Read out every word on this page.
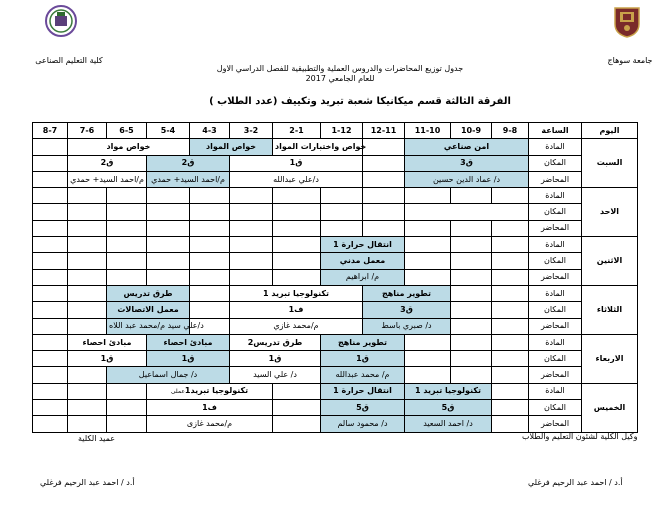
جامعة سوهاج
كلية التعليم الصناعى
جدول توزيع المحاضرات والدروس العملية والتطبيقية للفصل الدراسي الاول
للعام الجامعي 2017
الفرقة الثالثة قسم ميكانيكا شعبة تبريد وتكييف (عدد الطلاب )
8-7	7-6	6-5	5-4	4-3	3-2	2-1	1-12	12-11	11-10	10-9	9-8	الساعة	اليوم
	خواص مواد			خواص المواد		خواص واختبارات المواد			امن صناعي			المادة	السبت
	ق2		ق2		ق1				ق3			المكان	
	م/احمد السيد+ حمدي		م/احمد السيد+ حمدي		د/علي عبدالله				د/ عماد الدين حسين			المحاضر	
												المادة	الاحد
												المكان	
												المحاضر	
							انتقال حرارة 1					المادة	الاثنين
							معمل مدني					المكان	
							م/ ابراهيم					المحاضر	
		طرق تدريس			تكنولوجيا تبريد 1			تطوير مناهج				المادة	الثلاثاء
		معمل الاتصالات			ف1			ق3				المكان	
		د/علي سيد م/محمد عبد اللاه			م/محمد غازي			د/ صبري باسط				المحاضر	
	مبادئ احصاء		مبادئ احصاء		طرق تدريس2		تطوير مناهج					المادة	الاربعاء
	ق1		ق1		ق1		ق1					المكان	
		د/ جمال اسماعيل			د/ علي السيد		م/ محمد عبدالله					المحاضر	
			تكنولوجيا تبريد1عملى				انتقال حرارة 1		تكنولوجيا تبريد 1			المادة	الخميس
			ف1				ق5		ق5			المكان	
			م/محمد غازى				د/ محمود سالم		د/ احمد السعيد			المحاضر	
عميد الكلية
أ.د / احمد عبد الرحيم فرغلي
وكيل الكلية لشئون التعليم والطلاب
أ.د / احمد عبد الرحيم فرغلي
